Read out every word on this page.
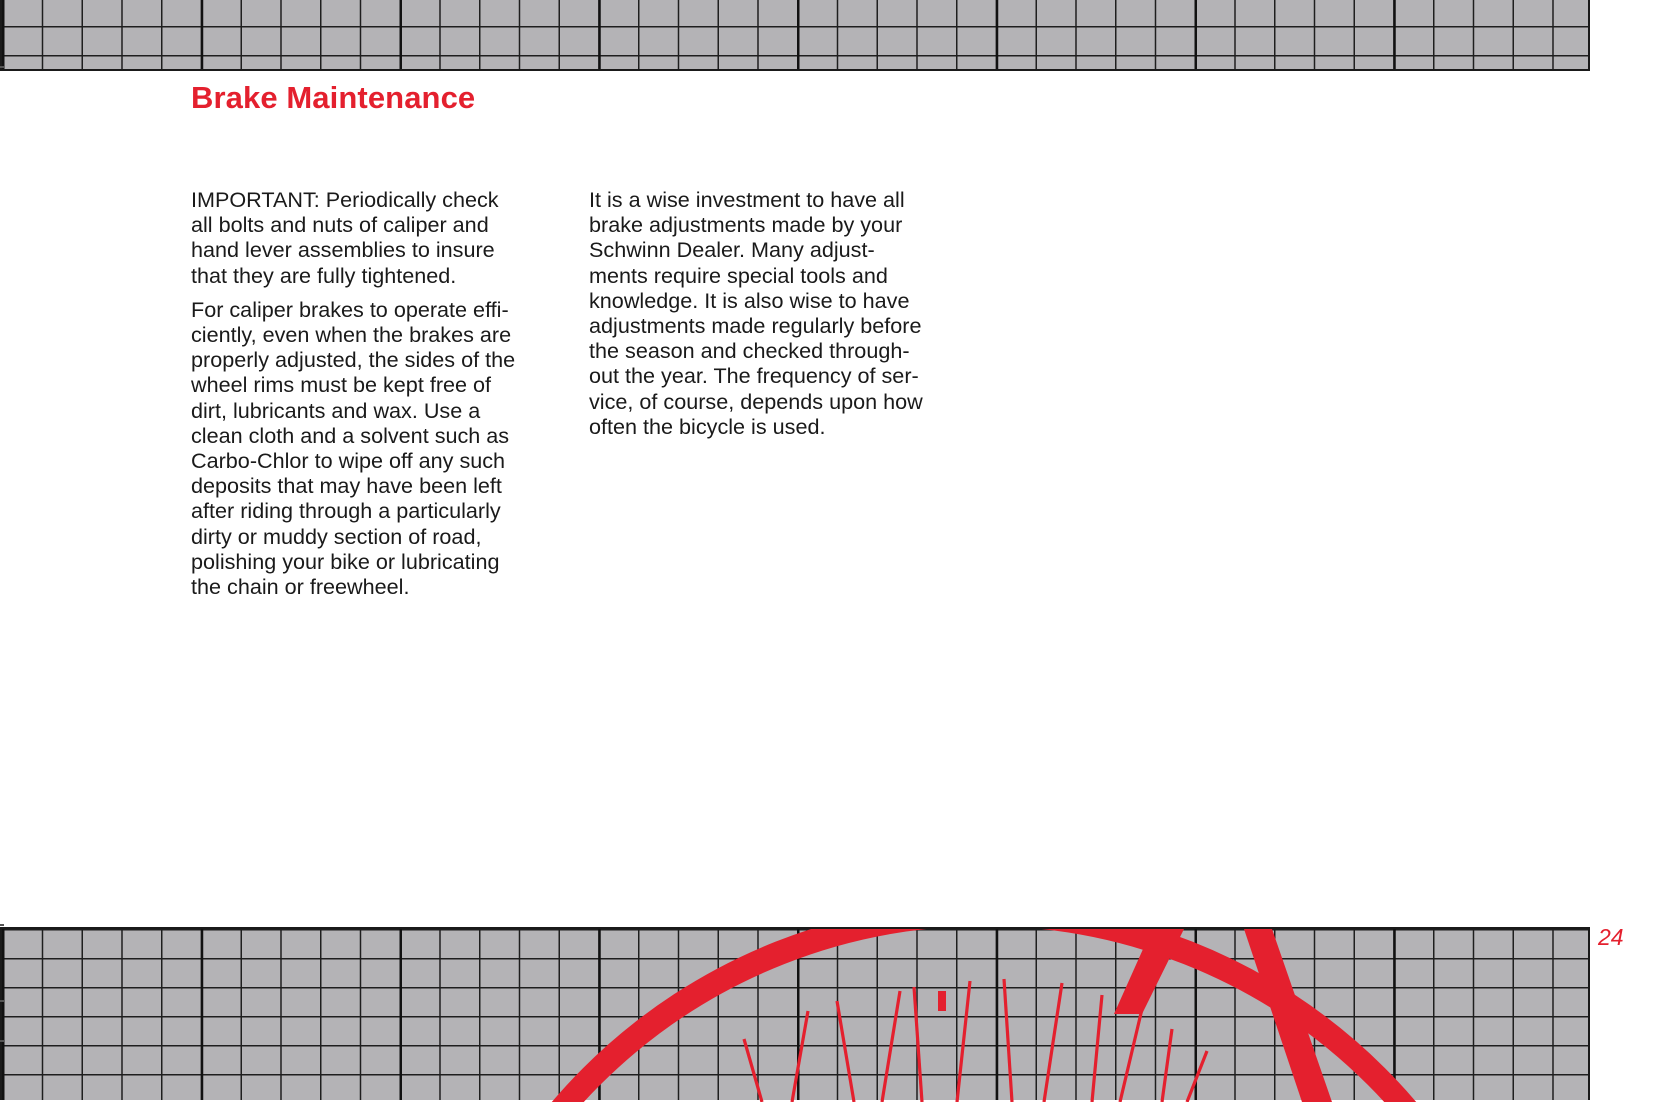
Brake Maintenance

IMPORTANT: Periodically check
all bolts and nuts of caliper and
hand lever assemblies to insure
that they are fully tightened.

For caliper brakes to operate effi-
ciently, even when the brakes are
properly adjusted, the sides of the
wheel rims must be kept free of
dirt, lubricants and wax. Use a
clean cloth and a solvent such as
Carbo-Chlor to wipe off any such
deposits that may have been left
after riding through a particularly
dirty or muddy section of road,
polishing your bike or lubricating
the chain or freewheel.

It is a wise investment to have all
brake adjustments made by your
Schwinn Dealer. Many adjust-
ments require special tools and
knowledge. It is also wise to have
adjustments made regularly before
the season and checked through-
out the year. The frequency of ser-
vice, of course, depends upon how
often the bicycle is used.

24
